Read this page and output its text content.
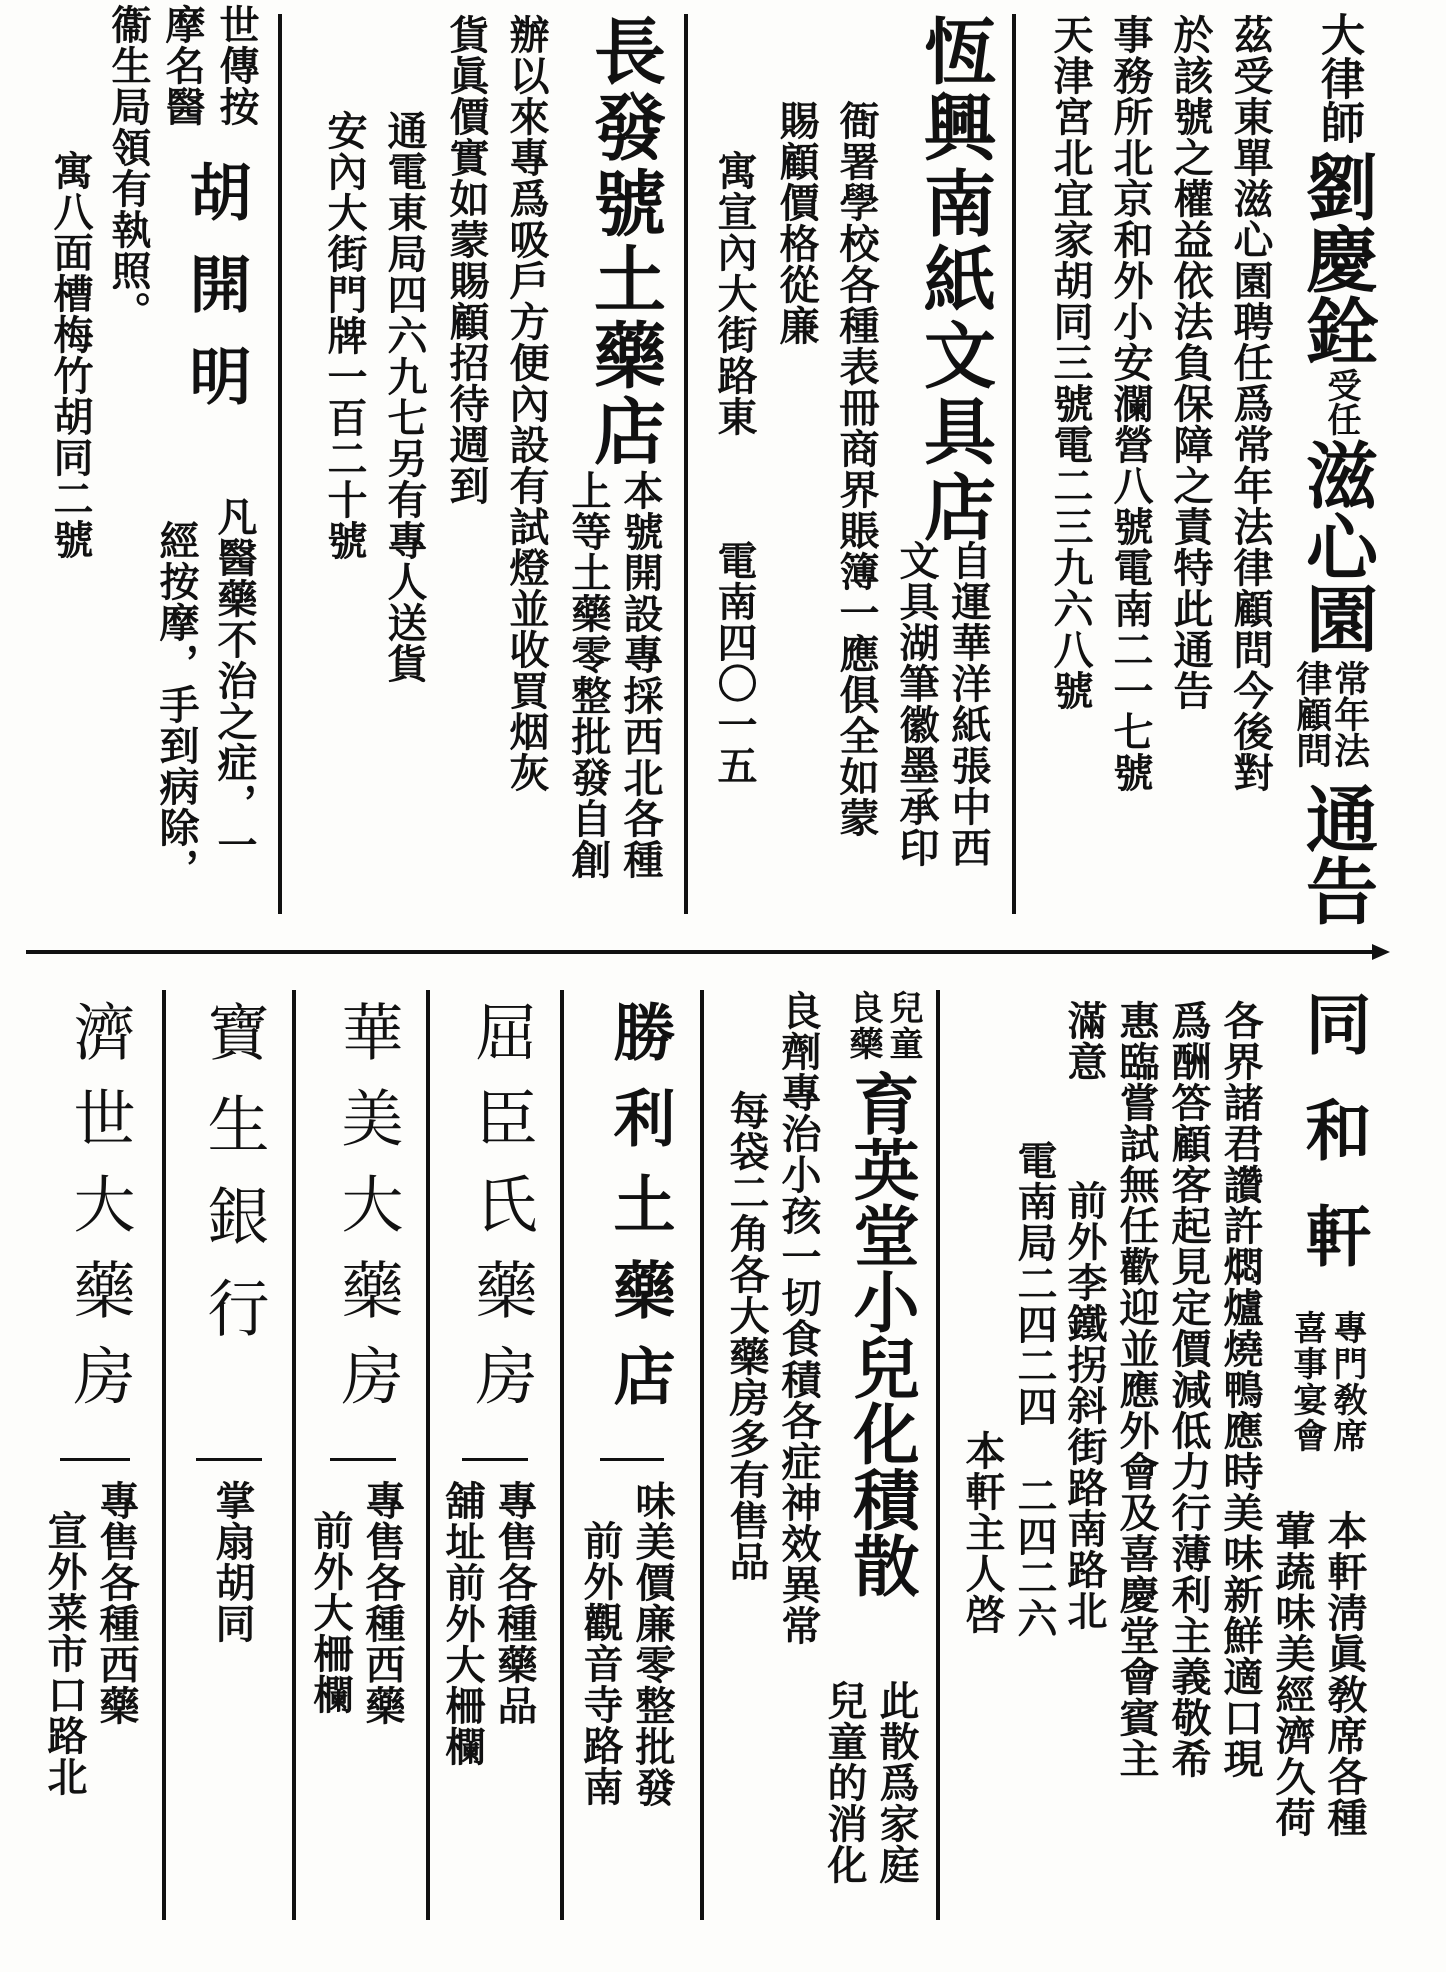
大律師
劉慶銓
受任
滋心園
常年法律顧問
通告
茲受東單滋心園聘任爲常年法律顧問今後對
於該號之權益依法負保障之責特此通告
事務所北京和外小安瀾營八號電南二一七號
天津宮北宜家胡同三號電二三九六八號
恆興南紙文具店
自運華洋紙張中西
文具湖筆徽墨承印
衙署學校各種表冊商界賬簿一應俱全如蒙
賜顧價格從廉
寓宣內大街路東
電南四〇一五
長發號土藥店
本號開設專採西北各種
上等土藥零整批發自創
辦以來專爲吸戶方便內設有試燈並收買烟灰
貨眞價實如蒙賜顧招待週到
通電東局四六九七另有專人送貨
安內大街門牌一百二十號
世傳按
摩名醫
衞生局領有執照。
寓八面槽梅竹胡同二號 胡開明
凡醫藥不治之症，一
經按摩，手到病除，
同和軒
專門敎席
喜事宴會
本軒淸眞敎席各種
葷蔬味美經濟久荷
各界諸君讚許燜爐燒鴨應時美味新鮮適口現
爲酬答顧客起見定價減低力行薄利主義敬希
惠臨嘗試無任歡迎並應外會及喜慶堂會賓主
滿意
前外李鐵拐斜街路南路北
電南局二四二四 二四二六
本軒主人啓
兒童
良藥
育英堂小兒化積散
此散爲家庭
兒童的消化
良劑專治小孩一切食積各症神效異常
每袋二角各大藥房多有售品
勝利土藥店
味美價廉零整批發
前外觀音寺路南
屈臣氏藥房
專售各種藥品
舖址前外大柵欄
華美大藥房
專售各種西藥
前外大柵欄
寶生銀行
掌扇胡同
濟世大藥房
專售各種西藥
宣外菜市口路北
